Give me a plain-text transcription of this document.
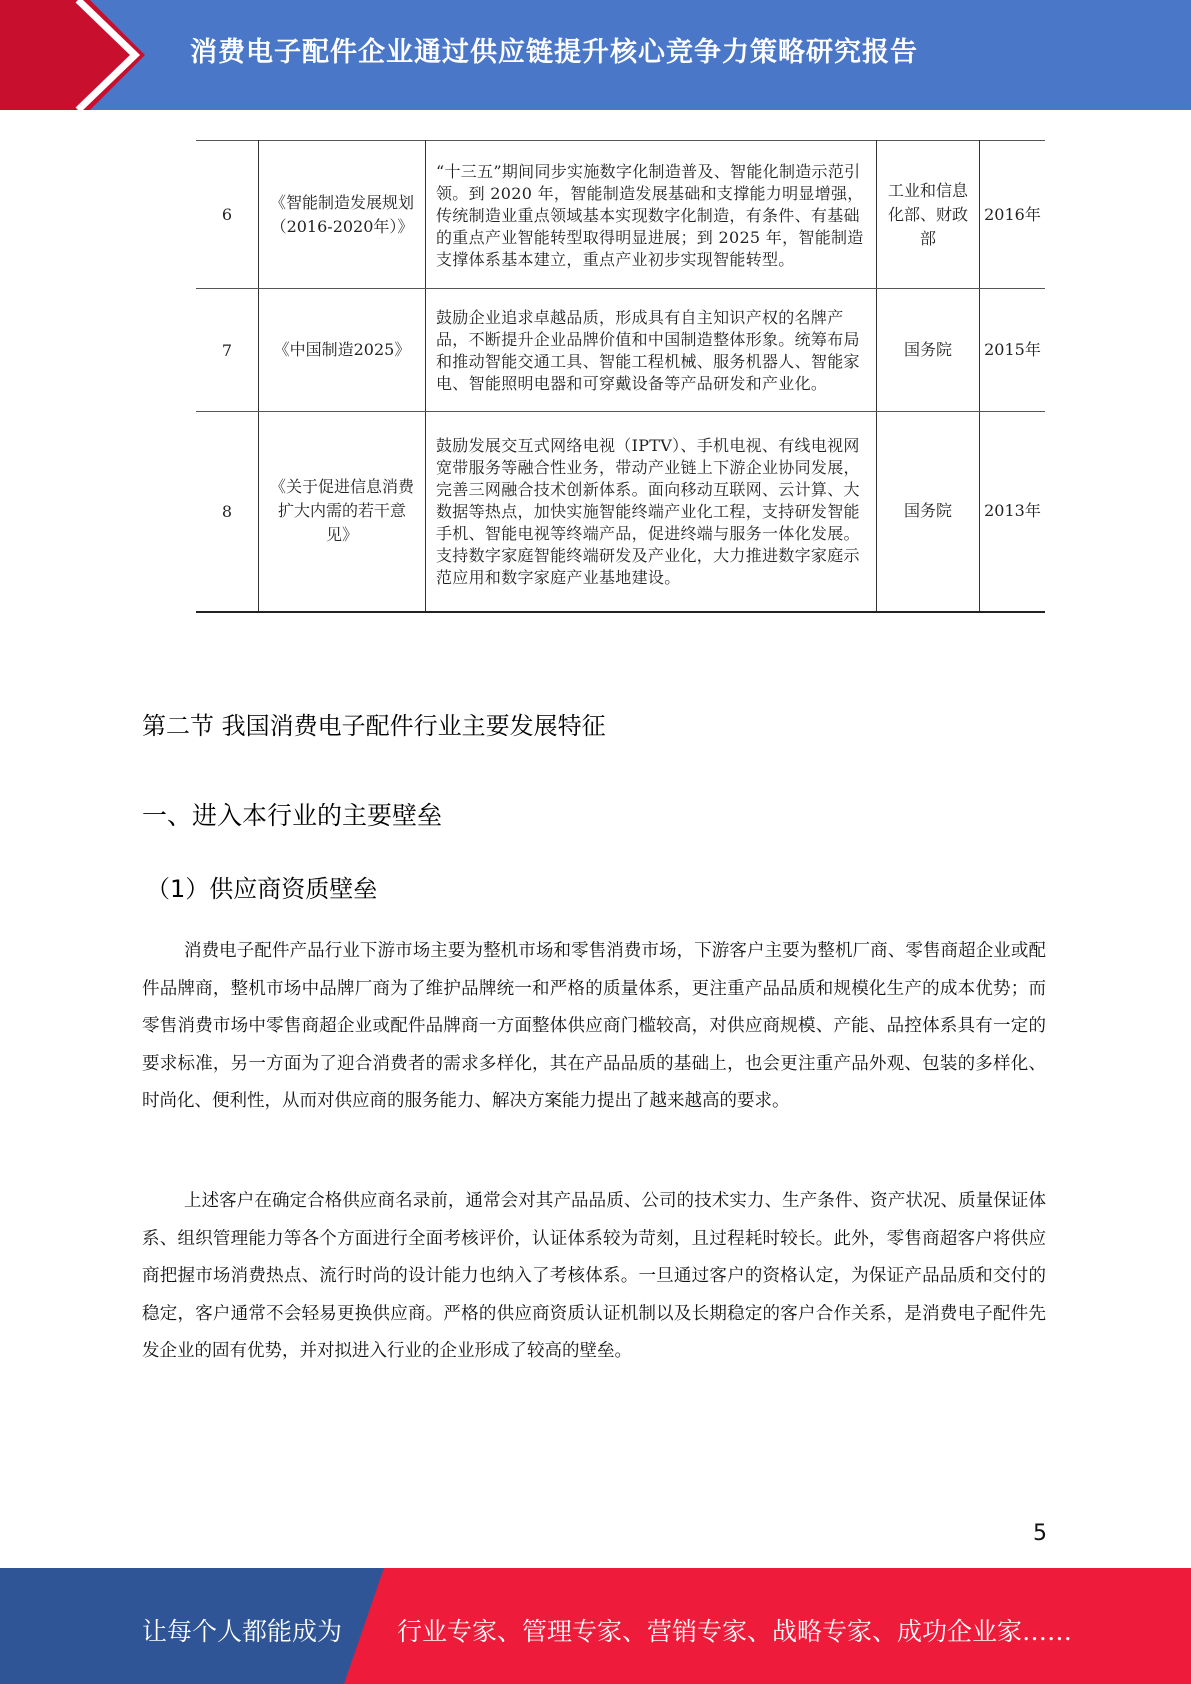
消费电子配件企业通过供应链提升核心竞争力策略研究报告
6	《智能制造发展规划（2016-2020年）》	“十三五”期间同步实施数字化制造普及、智能化制造示范引领。到 2020 年，智能制造发展基础和支撑能力明显增强，传统制造业重点领域基本实现数字化制造，有条件、有基础的重点产业智能转型取得明显进展；到 2025 年，智能制造支撑体系基本建立，重点产业初步实现智能转型。	工业和信息化部、财政部	2016年
7	《中国制造2025》	鼓励企业追求卓越品质，形成具有自主知识产权的名牌产品，不断提升企业品牌价值和中国制造整体形象。统筹布局和推动智能交通工具、智能工程机械、服务机器人、智能家电、智能照明电器和可穿戴设备等产品研发和产业化。	国务院	2015年
8	《关于促进信息消费扩大内需的若干意见》	鼓励发展交互式网络电视（IPTV）、手机电视、有线电视网宽带服务等融合性业务，带动产业链上下游企业协同发展，完善三网融合技术创新体系。面向移动互联网、云计算、大数据等热点，加快实施智能终端产业化工程，支持研发智能手机、智能电视等终端产品，促进终端与服务一体化发展。支持数字家庭智能终端研发及产业化，大力推进数字家庭示范应用和数字家庭产业基地建设。	国务院	2013年
第二节 我国消费电子配件行业主要发展特征
一、进入本行业的主要壁垒
（1）供应商资质壁垒

消费电子配件产品行业下游市场主要为整机市场和零售消费市场，下游客户主要为整机厂商、零售商超企业或配件品牌商，整机市场中品牌厂商为了维护品牌统一和严格的质量体系，更注重产品品质和规模化生产的成本优势；而零售消费市场中零售商超企业或配件品牌商一方面整体供应商门槛较高，对供应商规模、产能、品控体系具有一定的要求标准，另一方面为了迎合消费者的需求多样化，其在产品品质的基础上，也会更注重产品外观、包装的多样化、时尚化、便利性，从而对供应商的服务能力、解决方案能力提出了越来越高的要求。

上述客户在确定合格供应商名录前，通常会对其产品品质、公司的技术实力、生产条件、资产状况、质量保证体系、组织管理能力等各个方面进行全面考核评价，认证体系较为苛刻，且过程耗时较长。此外，零售商超客户将供应商把握市场消费热点、流行时尚的设计能力也纳入了考核体系。一旦通过客户的资格认定，为保证产品品质和交付的稳定，客户通常不会轻易更换供应商。严格的供应商资质认证机制以及长期稳定的客户合作关系，是消费电子配件先发企业的固有优势，并对拟进入行业的企业形成了较高的壁垒。

5
让每个人都能成为 行业专家、管理专家、营销专家、战略专家、成功企业家……
